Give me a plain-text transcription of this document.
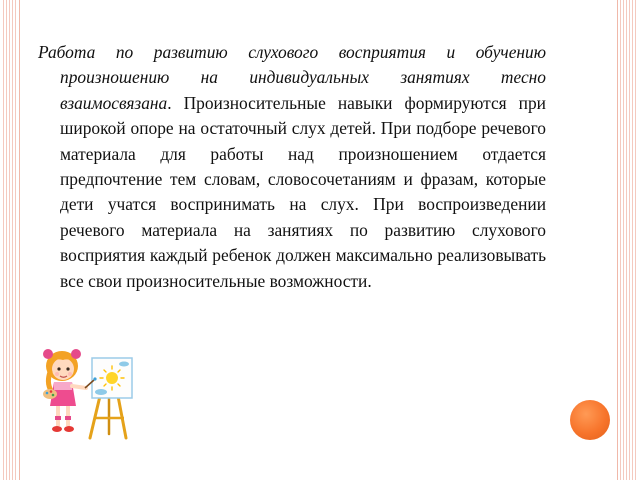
Работа по развитию слухового восприятия и обучению произношению на индивидуальных занятиях тесно взаимосвязана. Произносительные навыки формируются при широкой опоре на остаточный слух детей. При подборе речевого материала для работы над произношением отдается предпочтение тем словам, словосочетаниям и фразам, которые дети учатся воспринимать на слух. При воспроизведении речевого материала на занятиях по развитию слухового восприятия каждый ребенок должен максимально реализовывать все свои произносительные возможности.
